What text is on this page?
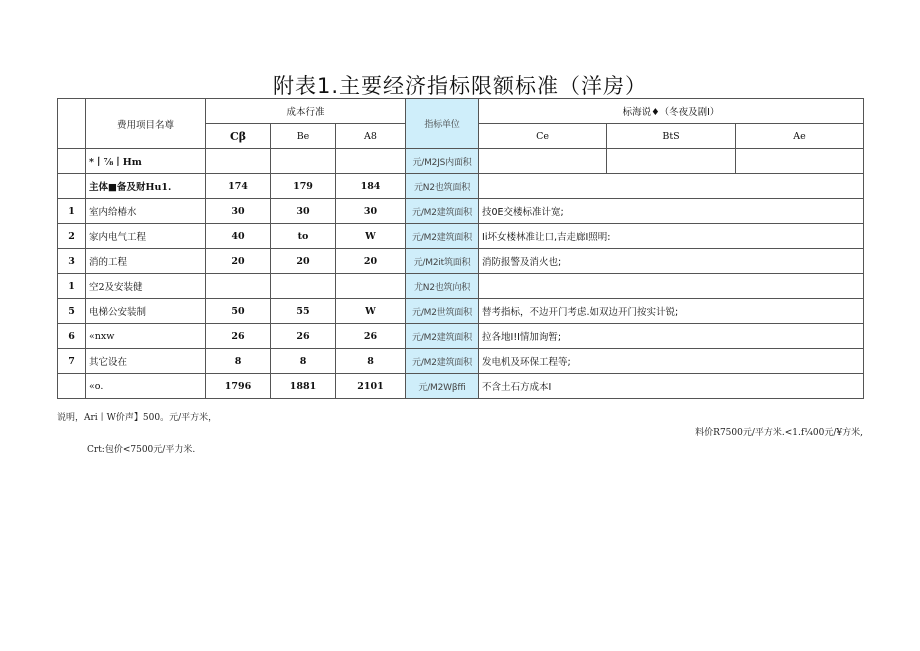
附表1.主要经济指标限额标准（洋房）
	费用项目名尊	成本行准			指标单位	标海说♦（冬夜及剧I）		
		Cβ	Be	A8		Ce	BtS	Ae
	*丨⅞丨Hm				元/M2JS内面积			
	主体■备及财Hu1.	174	179	184	元N2也筑面积			
1	室内给椿水	30	30	30	元/M2建筑面积	技0E交楼标准计宽;		
2	家内电气工程	40	to	W	元/M2建筑面积	Ii坏女楼林准让口,吉走廊I照明:		
3	消的工程	20	20	20	元/M2it筑面积	消防报警及消火也;		
1	空2及安装健				尤N2也筑向积			
5	电梯公安装制	50	55	W	元/M2世筑面积	替考指标，不边开门考虑.如双边开门按实计锐;		
6	«nxw	26	26	26	元/M2建筑面积	拉各地I!I情加询暂;		
7	其它设在	8	8	8	元/M2建筑面积	发电机及环保工程等;		
	«o.	1796	1881	2101	元/M2Wβffi	不含土石方成本I		
说明，Ari丨W价声】500。元/平方米，
料价R7500元/平方米.<1.f¼00元/¥方米,
Crt:包价<7500元/平力米.
